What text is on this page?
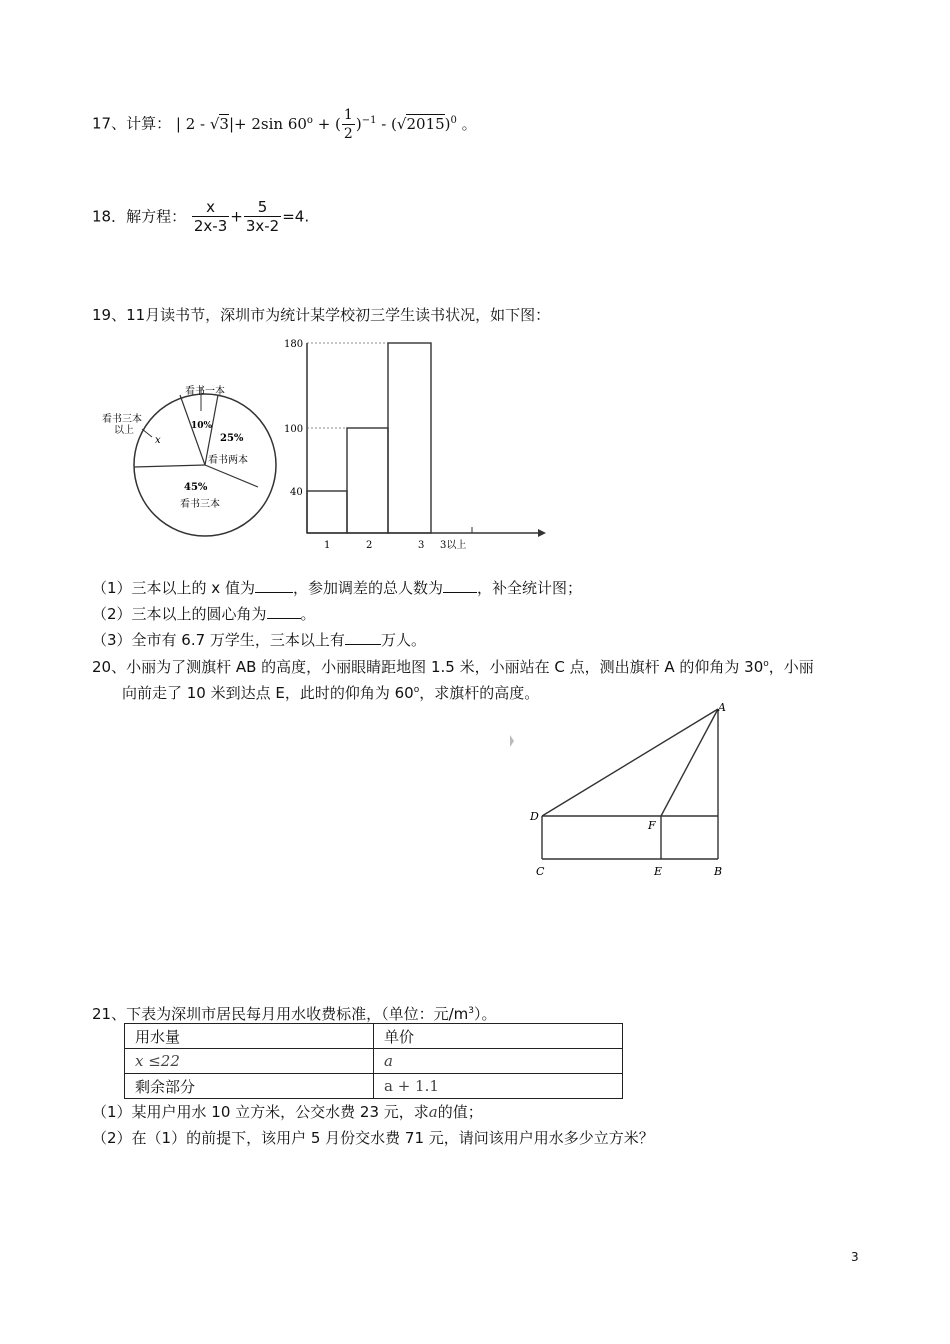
17、计算： | 2 - √3|+ 2sin $60^o$ + ( $\frac{1}{2} )^{-1} - (√2015)^0$ 。
18．解方程： $\frac{x}{2x-3} + \frac{5}{3x-2} =4$.
19、11月读书节，深圳市为统计某学校初三学生读书状况，如下图：
看书一本
看书三本
以上
x
10%
25%
看书两本
45%
看书三本
180
100
40
1	2	3 3以上
（1）三本以上的 x 值为	，参加调差的总人数为 ，补全统计图；
（2）三本以上的圆心角为 。
（3）全市有 6.7 万学生，三本以上有 万人。
20、小丽为了测旗杆 AB 的高度，小丽眼睛距地图 1.5 米，小丽站在 C 点，测出旗杆 A 的仰角为 30$^o$，小丽
向前走了 10 米到达点 E，此时的仰角为 60$^o$，求旗杆的高度。
A
D
F
C	E	B
21、下表为深圳市居民每月用水收费标准，（单位：元$/m^3$）。
用水量	单价
x ≤22	a
剩余部分	a + 1.1
（1）某用户用水 10 立方米，公交水费 23 元，求a的值；
（2）在（1）的前提下，该用户 5 月份交水费 71 元，请问该用户用水多少立方米？
3
